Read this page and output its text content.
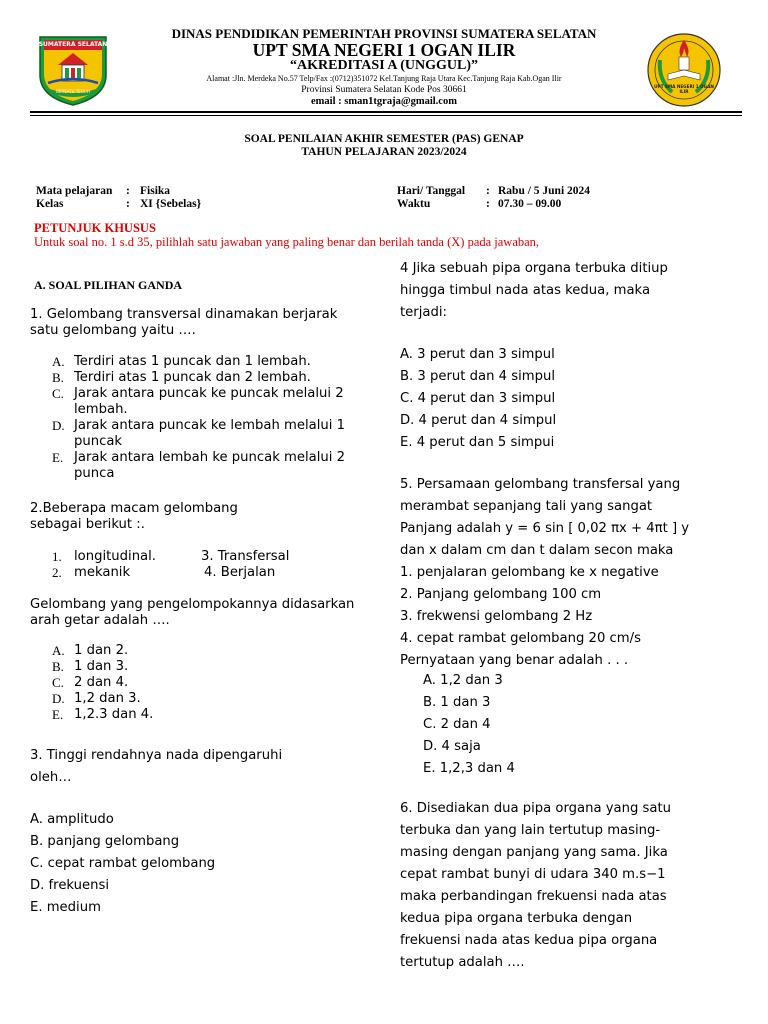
SUMATERA SELATAN
BERSATU TEGUH
UPT SMA NEGERI 1 OGAN ILIR
DINAS PENDIDIKAN PEMERINTAH PROVINSI SUMATERA SELATAN
UPT SMA NEGERI 1 OGAN ILIR
“AKREDITASI A (UNGGUL)”
Alamat :Jln. Merdeka No.57 Telp/Fax :(0712)351072 Kel.Tanjung Raja Utara Kec.Tanjung Raja Kab.Ogan Ilir
Provinsi Sumatera Selatan Kode Pos 30661
email : sman1tgraja@gmail.com
SOAL PENILAIAN AKHIR SEMESTER (PAS) GENAP
TAHUN PELAJARAN 2023/2024
Mata pelajaran : Fisika
Kelas	: XI {Sebelas}
Hari/ Tanggal : Rabu / 5 Juni 2024
Waktu	: 07.30 – 09.00
PETUNJUK KHUSUS
Untuk soal no. 1 s.d 35, pilihlah satu jawaban yang paling benar dan berilah tanda (X) pada jawaban,
A. SOAL PILIHAN GANDA
1. Gelombang transversal dinamakan berjarak
satu gelombang yaitu ….
A. Terdiri atas 1 puncak dan 1 lembah.
B. Terdiri atas 1 puncak dan 2 lembah.
C. Jarak antara puncak ke puncak melalui 2
lembah.
D. Jarak antara puncak ke lembah melalui 1
puncak
E. Jarak antara lembah ke puncak melalui 2
punca
2.Beberapa macam gelombang
sebagai berikut :.
1. longitudinal.	3. Transfersal
2. mekanik	4. Berjalan
Gelombang yang pengelompokannya didasarkan
arah getar adalah ….
A. 1 dan 2.
B. 1 dan 3.
C. 2 dan 4.
D. 1,2 dan 3.
E. 1,2.3 dan 4.
3. Tinggi rendahnya nada dipengaruhi
oleh…
A. amplitudo
B. panjang gelombang
C. cepat rambat gelombang
D. frekuensi
E. medium
4 Jika sebuah pipa organa terbuka ditiup
hingga timbul nada atas kedua, maka
terjadi:
A. 3 perut dan 3 simpul
B. 3 perut dan 4 simpul
C. 4 perut dan 3 simpul
D. 4 perut dan 4 simpul
E. 4 perut dan 5 simpui
5. Persamaan gelombang transfersal yang
merambat sepanjang tali yang sangat
Panjang adalah y = 6 sin [ 0,02 πx + 4πt ] y
dan x dalam cm dan t dalam secon maka
1. penjalaran gelombang ke x negative
2. Panjang gelombang 100 cm
3. frekwensi gelombang 2 Hz
4. cepat rambat gelombang 20 cm/s
Pernyataan yang benar adalah . . .
A. 1,2 dan 3
B. 1 dan 3
C. 2 dan 4
D. 4 saja
E. 1,2,3 dan 4
6. Disediakan dua pipa organa yang satu
terbuka dan yang lain tertutup masing-
masing dengan panjang yang sama. Jika
cepat rambat bunyi di udara 340 m.s−1
maka perbandingan frekuensi nada atas
kedua pipa organa terbuka dengan
frekuensi nada atas kedua pipa organa
tertutup adalah ….
